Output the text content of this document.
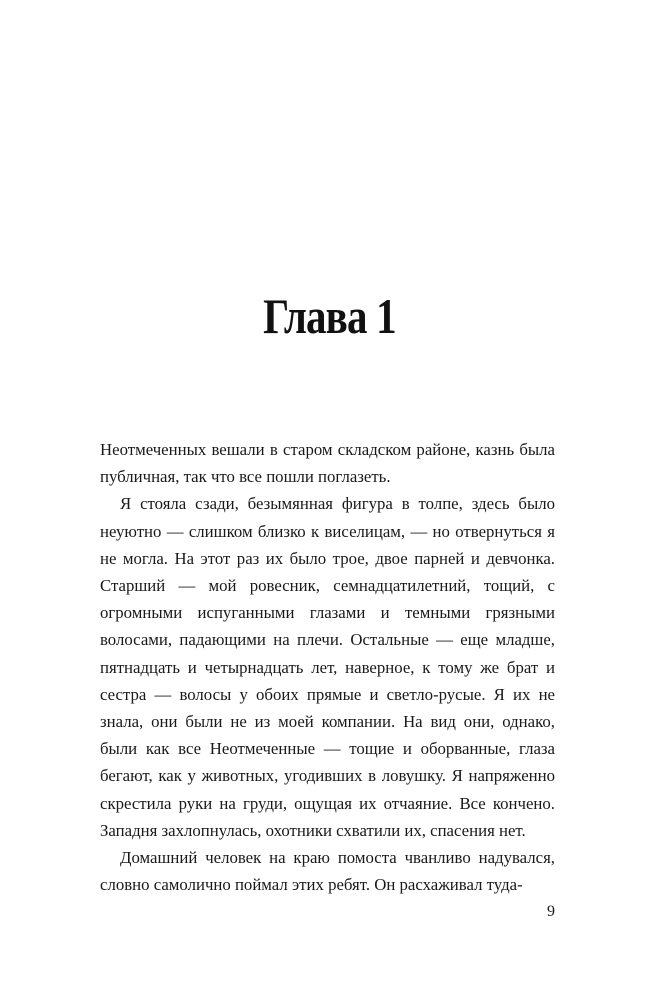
Глава 1

Неотмеченных вешали в старом складском районе, казнь была публичная, так что все пошли поглазеть.

Я стояла сзади, безымянная фигура в толпе, здесь было неуютно — слишком близко к виселицам, — но отвернуться я не могла. На этот раз их было трое, двое парней и девчонка. Старший — мой ровесник, семнадцатилетний, тощий, с огромными испуганными глазами и темными грязными волосами, падающими на плечи. Остальные — еще младше, пятнадцать и четырнадцать лет, наверное, к тому же брат и сестра — волосы у обоих прямые и светло-русые. Я их не знала, они были не из моей компании. На вид они, однако, были как все Неотмеченные — тощие и оборванные, глаза бегают, как у животных, угодивших в ловушку. Я напряженно скрестила руки на груди, ощущая их отчаяние. Все кончено. Западня захлопнулась, охотники схватили их, спасения нет.

Домашний человек на краю помоста чванливо надувался, словно самолично поймал этих ребят. Он расхаживал туда-

9
